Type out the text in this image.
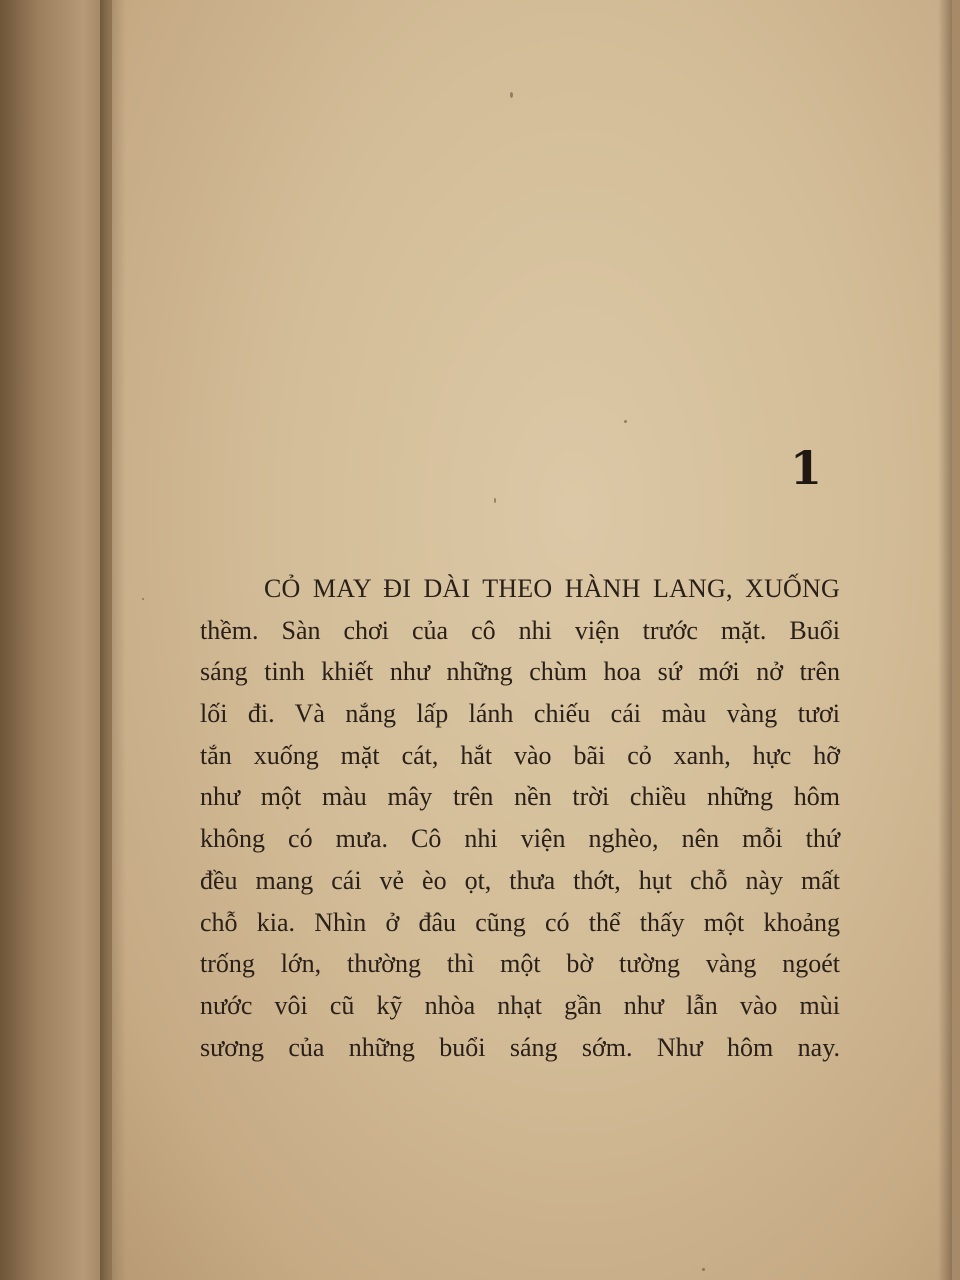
1

CỎ MAY ĐI DÀI THEO HÀNH LANG, XUỐNG
thềm. Sàn chơi của cô nhi viện trước mặt. Buổi
sáng tinh khiết như những chùm hoa sứ mới nở trên
lối đi. Và nắng lấp lánh chiếu cái màu vàng tươi
tắn xuống mặt cát, hắt vào bãi cỏ xanh, hực hỡ
như một màu mây trên nền trời chiều những hôm
không có mưa. Cô nhi viện nghèo, nên mỗi thứ
đều mang cái vẻ èo ọt, thưa thớt, hụt chỗ này mất
chỗ kia. Nhìn ở đâu cũng có thể thấy một khoảng
trống lớn, thường thì một bờ tường vàng ngoét
nước vôi cũ kỹ nhòa nhạt gần như lẫn vào mùi
sương của những buổi sáng sớm. Như hôm nay.
